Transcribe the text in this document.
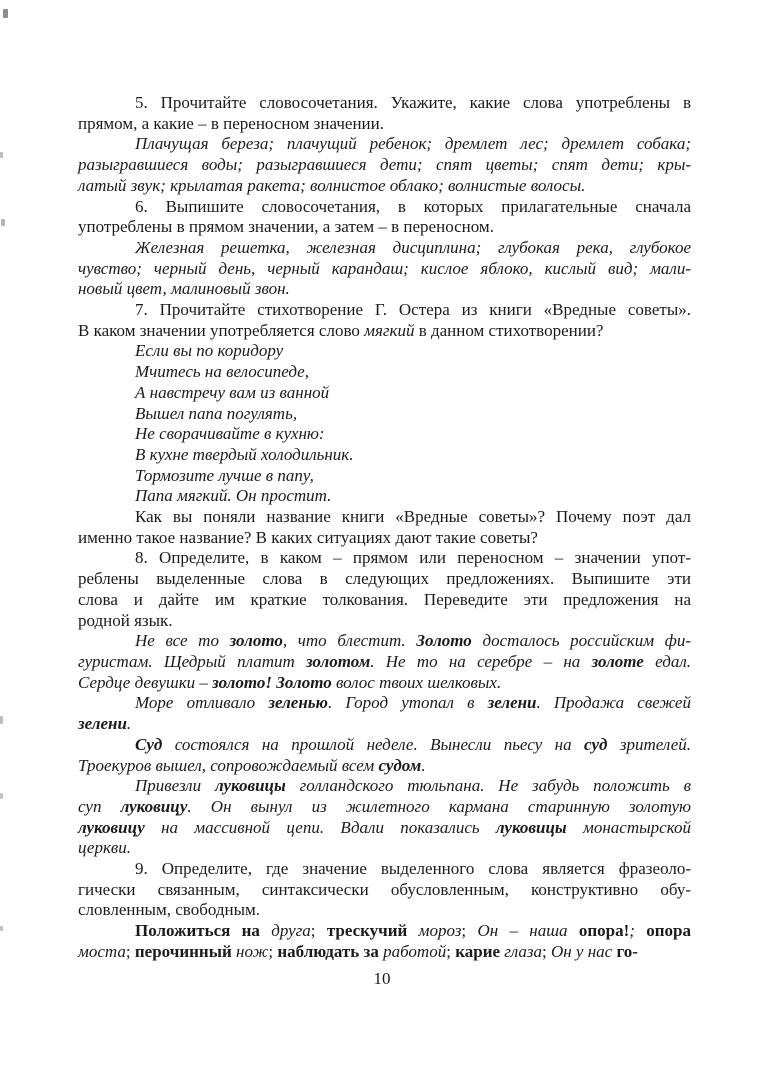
5. Прочитайте словосочетания. Укажите, какие слова употреблены в
прямом, а какие – в переносном значении.
Плачущая береза; плачущий ребенок; дремлет лес; дремлет собака;
разыгравшиеся воды; разыгравшиеся дети; спят цветы; спят дети; кры-
латый звук; крылатая ракета; волнистое облако; волнистые волосы.
6. Выпишите словосочетания, в которых прилагательные сначала
употреблены в прямом значении, а затем – в переносном.
Железная решетка, железная дисциплина; глубокая река, глубокое
чувство; черный день, черный карандаш; кислое яблоко, кислый вид; мали-
новый цвет, малиновый звон.
7. Прочитайте стихотворение Г. Остера из книги «Вредные советы».
В каком значении употребляется слово мягкий в данном стихотворении?
Если вы по коридору
Мчитесь на велосипеде,
А навстречу вам из ванной
Вышел папа погулять,
Не сворачивайте в кухню:
В кухне твердый холодильник.
Тормозите лучше в папу,
Папа мягкий. Он простит.
Как вы поняли название книги «Вредные советы»? Почему поэт дал
именно такое название? В каких ситуациях дают такие советы?
8. Определите, в каком – прямом или переносном – значении упот-
реблены выделенные слова в следующих предложениях. Выпишите эти
слова и дайте им краткие толкования. Переведите эти предложения на
родной язык.
Не все то золото, что блестит. Золото досталось российским фи-
гуристам. Щедрый платит золотом. Не то на серебре – на золоте едал.
Сердце девушки – золото! Золото волос твоих шелковых.
Море отливало зеленью. Город утопал в зелени. Продажа свежей
зелени.
Суд состоялся на прошлой неделе. Вынесли пьесу на суд зрителей.
Троекуров вышел, сопровождаемый всем судом.
Привезли луковицы голландского тюльпана. Не забудь положить в
суп луковицу. Он вынул из жилетного кармана старинную золотую
луковицу на массивной цепи. Вдали показались луковицы монастырской
церкви.
9. Определите, где значение выделенного слова является фразеоло-
гически связанным, синтаксически обусловленным, конструктивно обу-
словленным, свободным.
Положиться на друга; трескучий мороз; Он – наша опора!; опора
моста; перочинный нож; наблюдать за работой; карие глаза; Он у нас го-
10
